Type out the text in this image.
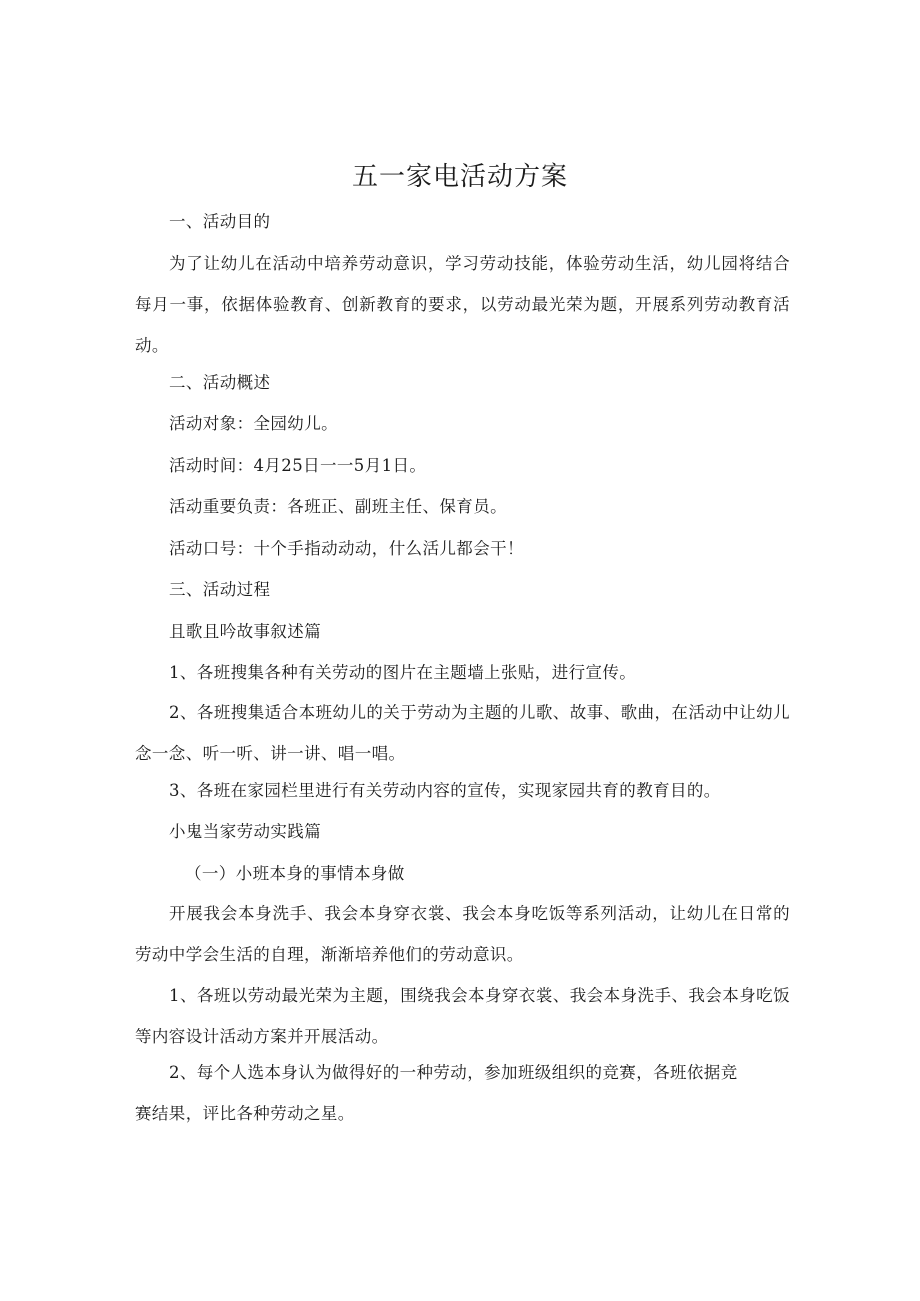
五一家电活动方案

一、活动目的

为了让幼儿在活动中培养劳动意识，学习劳动技能，体验劳动生活，幼儿园将结合每月一事，依据体验教育、创新教育的要求，以劳动最光荣为题，开展系列劳动教育活动。

二、活动概述

活动对象：全园幼儿。

活动时间：4月25日一一5月1日。

活动重要负责：各班正、副班主任、保育员。

活动口号：十个手指动动动，什么活儿都会干！

三、活动过程

且歌且吟故事叙述篇

1、各班搜集各种有关劳动的图片在主题墙上张贴，进行宣传。

2、各班搜集适合本班幼儿的关于劳动为主题的儿歌、故事、歌曲，在活动中让幼儿念一念、听一听、讲一讲、唱一唱。

3、各班在家园栏里进行有关劳动内容的宣传，实现家园共育的教育目的。

小鬼当家劳动实践篇

（一）小班本身的事情本身做

开展我会本身洗手、我会本身穿衣裳、我会本身吃饭等系列活动，让幼儿在日常的劳动中学会生活的自理，渐渐培养他们的劳动意识。

1、各班以劳动最光荣为主题，围绕我会本身穿衣裳、我会本身洗手、我会本身吃饭等内容设计活动方案并开展活动。

2、每个人选本身认为做得好的一种劳动，参加班级组织的竞赛，各班依据竞

赛结果，评比各种劳动之星。
